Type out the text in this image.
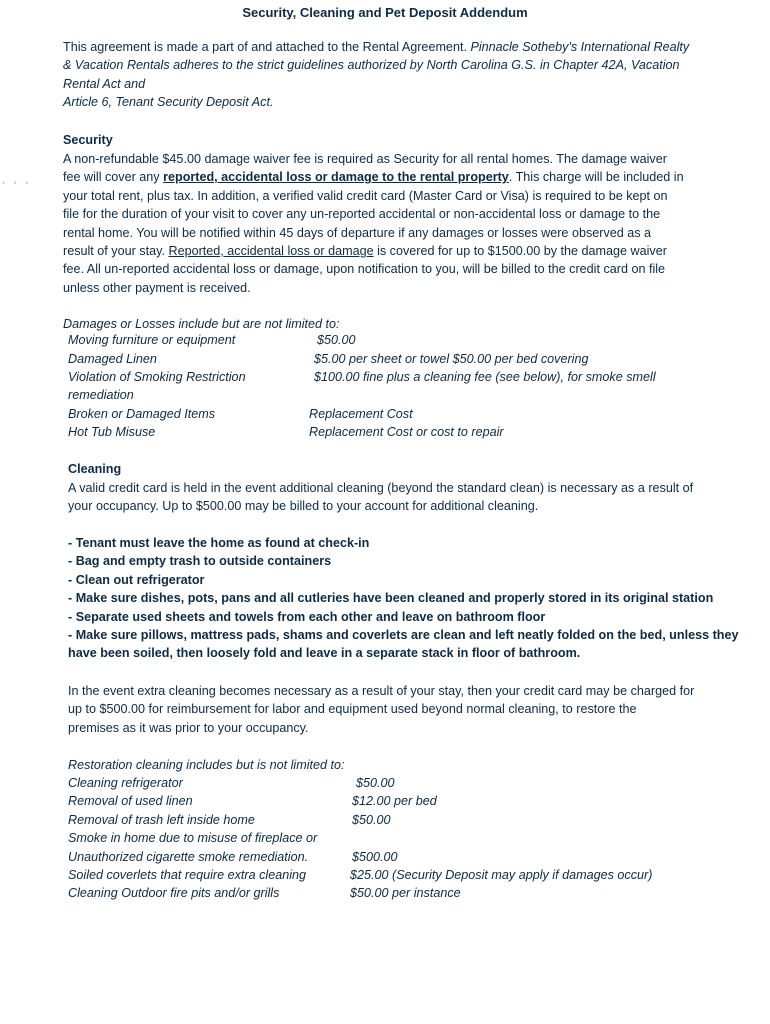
Security, Cleaning and Pet Deposit Addendum
This agreement is made a part of and attached to the Rental Agreement. Pinnacle Sotheby's International Realty
& Vacation Rentals adheres to the strict guidelines authorized by North Carolina G.S. in Chapter 42A, Vacation
Rental Act and
Article 6, Tenant Security Deposit Act.
Security
A non-refundable $45.00 damage waiver fee is required as Security for all rental homes. The damage waiver
fee will cover any reported, accidental loss or damage to the rental property. This charge will be included in
your total rent, plus tax. In addition, a verified valid credit card (Master Card or Visa) is required to be kept on
file for the duration of your visit to cover any un-reported accidental or non-accidental loss or damage to the
rental home. You will be notified within 45 days of departure if any damages or losses were observed as a
result of your stay. Reported, accidental loss or damage is covered for up to $1500.00 by the damage waiver
fee. All un-reported accidental loss or damage, upon notification to you, will be billed to the credit card on file
unless other payment is received.
• • •
Damages or Losses include but are not limited to:
Moving furniture or equipment	$50.00
Damaged Linen	$5.00 per sheet or towel $50.00 per bed covering
Violation of Smoking Restriction	$100.00 fine plus a cleaning fee (see below), for smoke smell
remediation
Broken or Damaged Items	Replacement Cost
Hot Tub Misuse	Replacement Cost or cost to repair
Cleaning
A valid credit card is held in the event additional cleaning (beyond the standard clean) is necessary as a result of
your occupancy. Up to $500.00 may be billed to your account for additional cleaning.
- Tenant must leave the home as found at check-in
- Bag and empty trash to outside containers
- Clean out refrigerator
- Make sure dishes, pots, pans and all cutleries have been cleaned and properly stored in its original station
- Separate used sheets and towels from each other and leave on bathroom floor
- Make sure pillows, mattress pads, shams and coverlets are clean and left neatly folded on the bed, unless they
have been soiled, then loosely fold and leave in a separate stack in floor of bathroom.
In the event extra cleaning becomes necessary as a result of your stay, then your credit card may be charged for
up to $500.00 for reimbursement for labor and equipment used beyond normal cleaning, to restore the
premises as it was prior to your occupancy.
Restoration cleaning includes but is not limited to:
Cleaning refrigerator	$50.00
Removal of used linen	$12.00 per bed
Removal of trash left inside home	$50.00
Smoke in home due to misuse of fireplace or
Unauthorized cigarette smoke remediation.	$500.00
Soiled coverlets that require extra cleaning	$25.00 (Security Deposit may apply if damages occur)
Cleaning Outdoor fire pits and/or grills	$50.00 per instance
